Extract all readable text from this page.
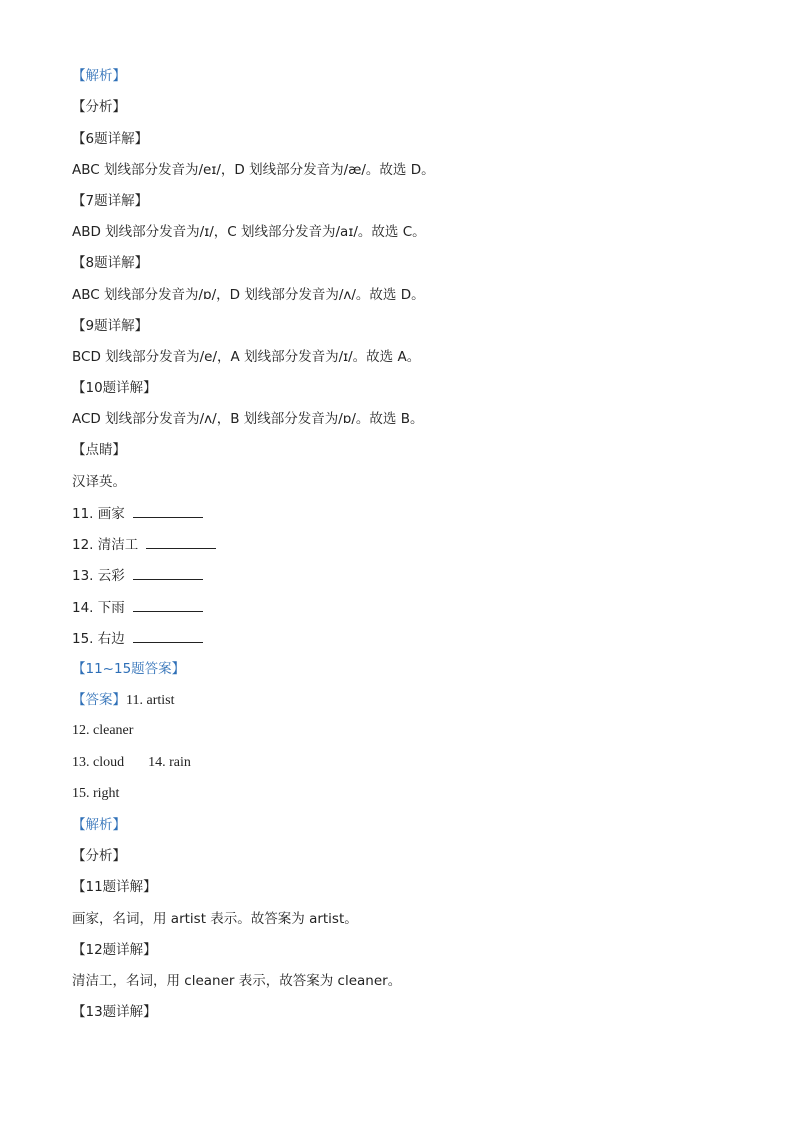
【解析】
【分析】
【6题详解】
ABC 划线部分发音为/eɪ/，D 划线部分发音为/æ/。故选 D。
【7题详解】
ABD 划线部分发音为/ɪ/，C 划线部分发音为/aɪ/。故选 C。
【8题详解】
ABC 划线部分发音为/ɒ/，D 划线部分发音为/ʌ/。故选 D。
【9题详解】
BCD 划线部分发音为/e/，A 划线部分发音为/ɪ/。故选 A。
【10题详解】
ACD 划线部分发音为/ʌ/，B 划线部分发音为/ɒ/。故选 B。
【点睛】
汉译英。
11. 画家
12. 清洁工
13. 云彩
14. 下雨
15. 右边
【11~15题答案】
【答案】11. artist
12. cleaner
13. cloud 14. rain
15. right
【解析】
【分析】
【11题详解】
画家，名词，用 artist 表示。故答案为 artist。
【12题详解】
清洁工，名词，用 cleaner 表示，故答案为 cleaner。
【13题详解】
